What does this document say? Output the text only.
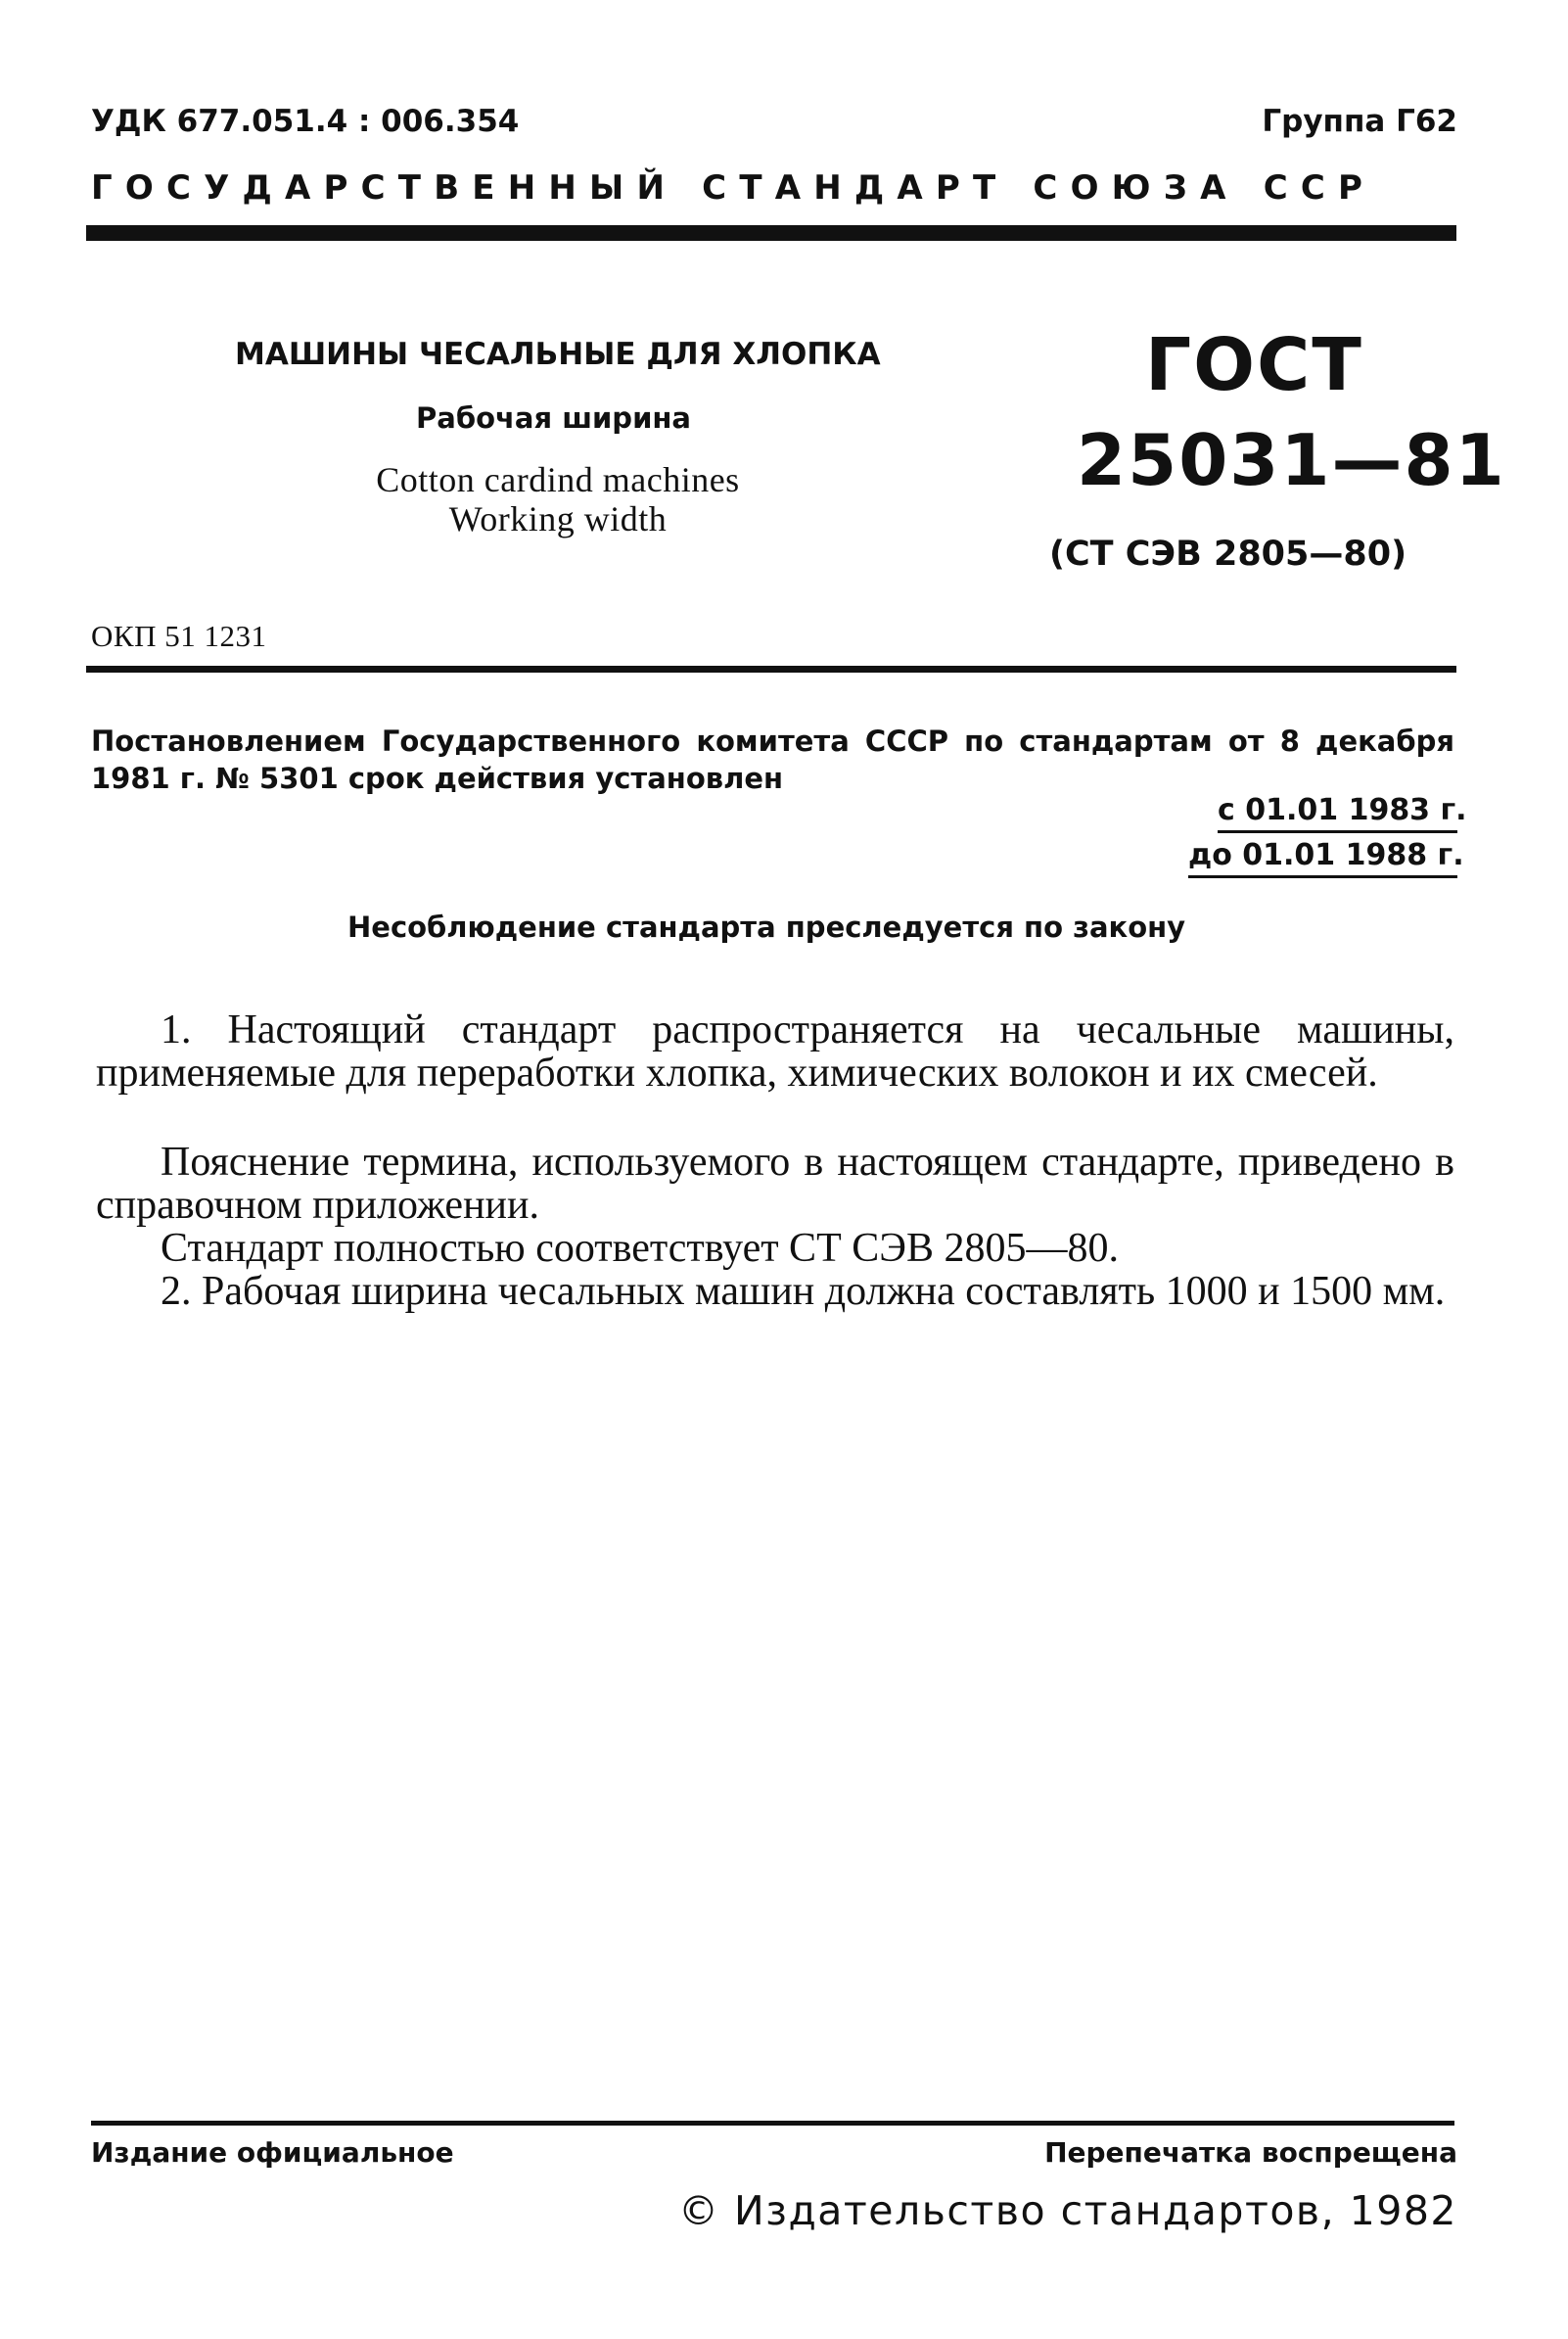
УДК 677.051.4 : 006.354	Группа Г62
ГОСУДАРСТВЕННЫЙ СТАНДАРТ СОЮЗА ССР
МАШИНЫ ЧЕСАЛЬНЫЕ ДЛЯ ХЛОПКА
Рабочая ширина
Cotton cardind machines
Working width
ГОСТ
25031—81
(СТ СЭВ 2805—80)
ОКП 51 1231
Постановлением Государственного комитета СССР по стандартам от 8 декабря 1981 г. № 5301 срок действия установлен
с 01.01 1983 г.
до 01.01 1988 г.
Несоблюдение стандарта преследуется по закону
1. Настоящий стандарт распространяется на чесальные машины, применяемые для переработки хлопка, химических волокон и их смесей.
Пояснение термина, используемого в настоящем стандарте, приведено в справочном приложении.
Стандарт полностью соответствует СТ СЭВ 2805—80.
2. Рабочая ширина чесальных машин должна составлять 1000 и 1500 мм.
Издание официальное	Перепечатка воспрещена
© Издательство стандартов, 1982
